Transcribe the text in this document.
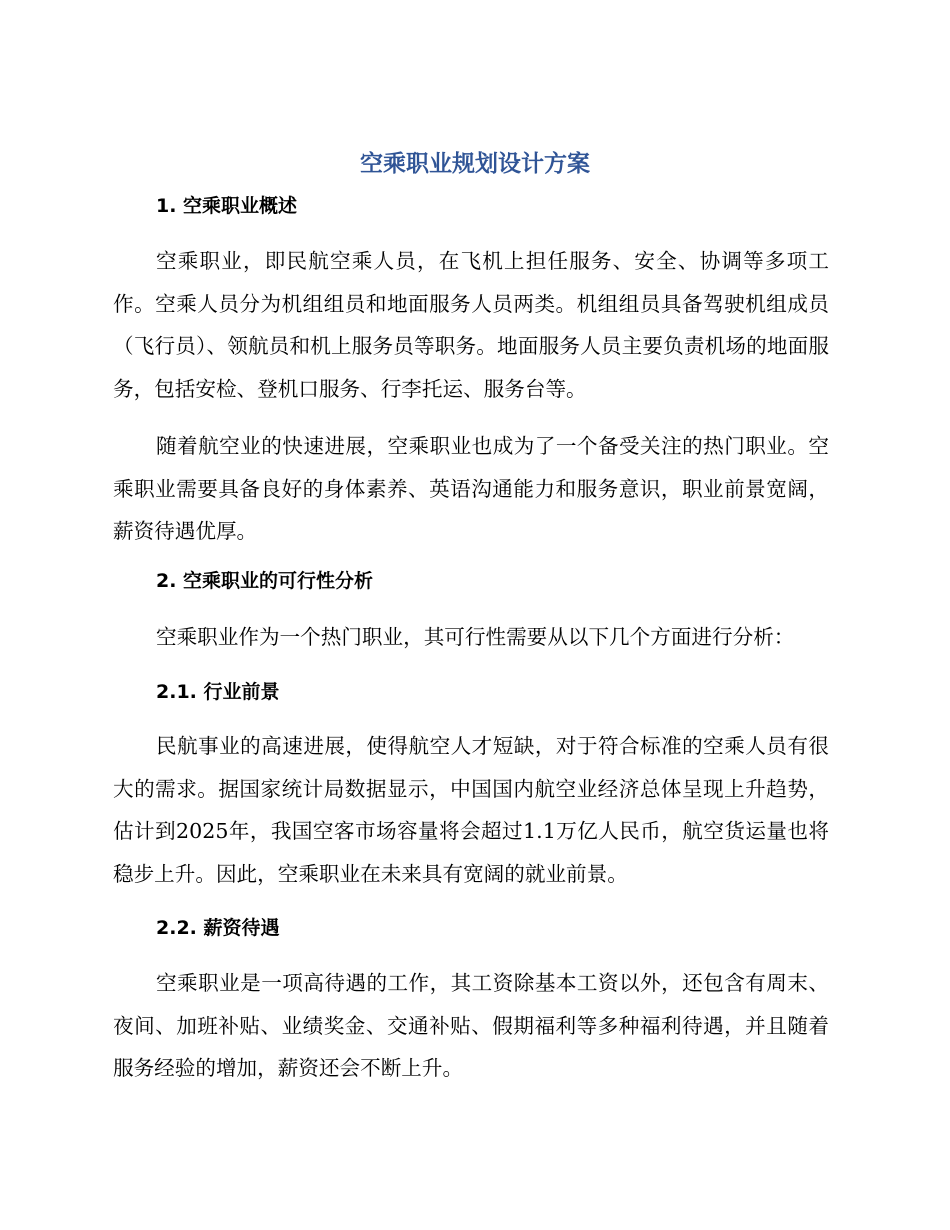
空乘职业规划设计方案
1. 空乘职业概述

空乘职业，即民航空乘人员，在飞机上担任服务、安全、协调等多项工作。空乘人员分为机组组员和地面服务人员两类。机组组员具备驾驶机组成员（飞行员）、领航员和机上服务员等职务。地面服务人员主要负责机场的地面服务，包括安检、登机口服务、行李托运、服务台等。

随着航空业的快速进展，空乘职业也成为了一个备受关注的热门职业。空乘职业需要具备良好的身体素养、英语沟通能力和服务意识，职业前景宽阔，薪资待遇优厚。

2. 空乘职业的可行性分析

空乘职业作为一个热门职业，其可行性需要从以下几个方面进行分析：

2.1. 行业前景

民航事业的高速进展，使得航空人才短缺，对于符合标准的空乘人员有很大的需求。据国家统计局数据显示，中国国内航空业经济总体呈现上升趋势，估计到2025年，我国空客市场容量将会超过1.1万亿人民币，航空货运量也将稳步上升。因此，空乘职业在未来具有宽阔的就业前景。

2.2. 薪资待遇

空乘职业是一项高待遇的工作，其工资除基本工资以外，还包含有周末、夜间、加班补贴、业绩奖金、交通补贴、假期福利等多种福利待遇，并且随着服务经验的增加，薪资还会不断上升。
